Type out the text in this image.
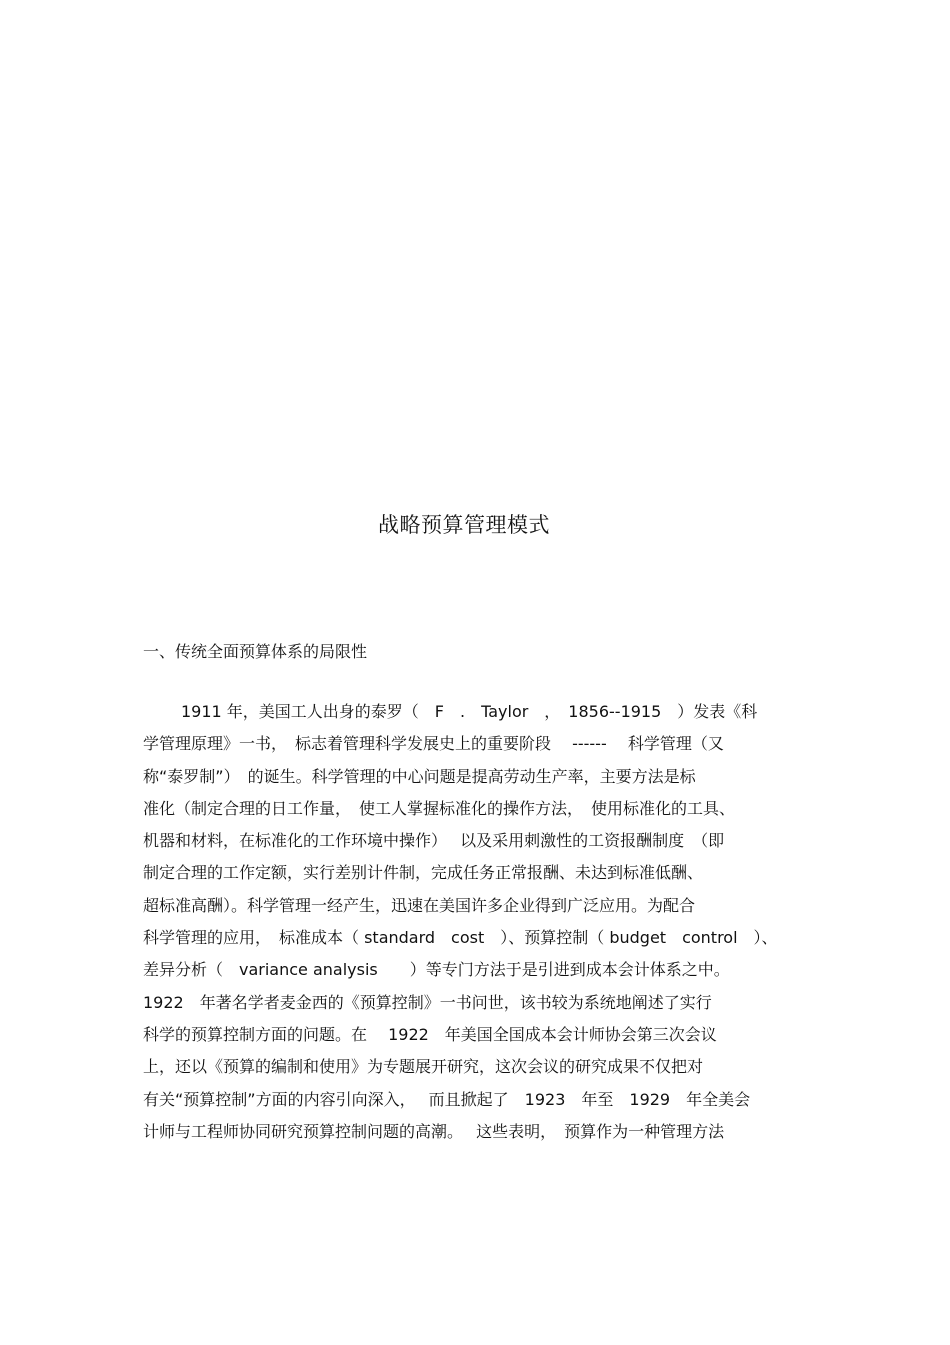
战略预算管理模式
一、传统全面预算体系的局限性
1911 年，美国工人出身的泰罗（　F　.　Taylor　，　1856--1915　）发表《科
学管理原理》一书，　标志着管理科学发展史上的重要阶段　 ------　 科学管理（又
称“泰罗制”）　的诞生。科学管理的中心问题是提高劳动生产率，主要方法是标
准化（制定合理的日工作量，　使工人掌握标准化的操作方法，　使用标准化的工具、
机器和材料，在标准化的工作环境中操作）　 以及采用刺激性的工资报酬制度　（即
制定合理的工作定额，实行差别计件制，完成任务正常报酬、未达到标准低酬、
超标准高酬）。科学管理一经产生，迅速在美国许多企业得到广泛应用。为配合
科学管理的应用，　标准成本（ standard　cost　）、预算控制（ budget　control　）、
差异分析（　variance analysis　　）等专门方法于是引进到成本会计体系之中。
1922　年著名学者麦金西的《预算控制》一书问世，该书较为系统地阐述了实行
科学的预算控制方面的问题。在　 1922　年美国全国成本会计师协会第三次会议
上，还以《预算的编制和使用》为专题展开研究，这次会议的研究成果不仅把对
有关“预算控制”方面的内容引向深入，　 而且掀起了　1923　年至　1929　年全美会
计师与工程师协同研究预算控制问题的高潮。　 这些表明，　预算作为一种管理方法
